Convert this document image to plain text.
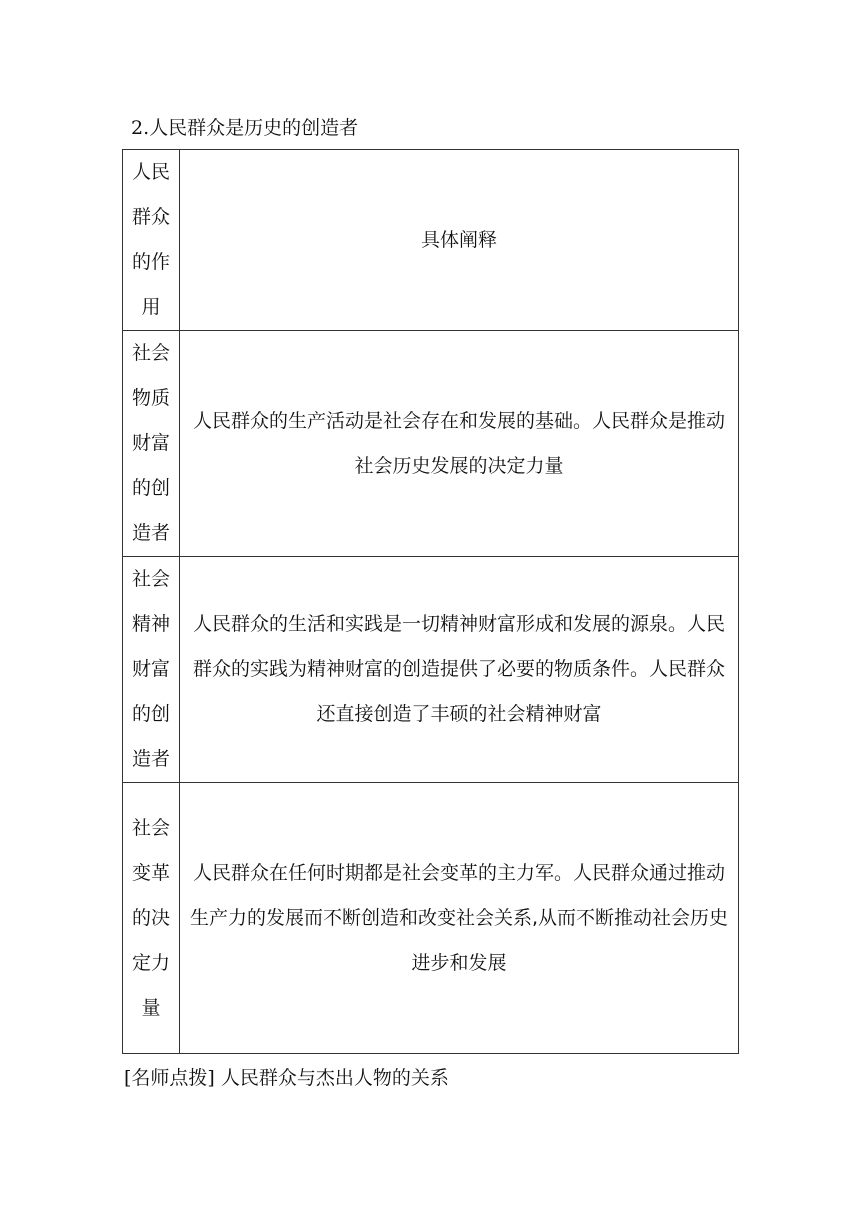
2.人民群众是历史的创造者
人民群众的作用	具体阐释

社会物质财富的创造者	人民群众的生产活动是社会存在和发展的基础。人民群众是推动社会历史发展的决定力量

社会精神财富的创造者	人民群众的生活和实践是一切精神财富形成和发展的源泉。人民群众的实践为精神财富的创造提供了必要的物质条件。人民群众还直接创造了丰硕的社会精神财富

社会变革的决定力量	人民群众在任何时期都是社会变革的主力军。人民群众通过推动生产力的发展而不断创造和改变社会关系,从而不断推动社会历史进步和发展
[名师点拨] 人民群众与杰出人物的关系
